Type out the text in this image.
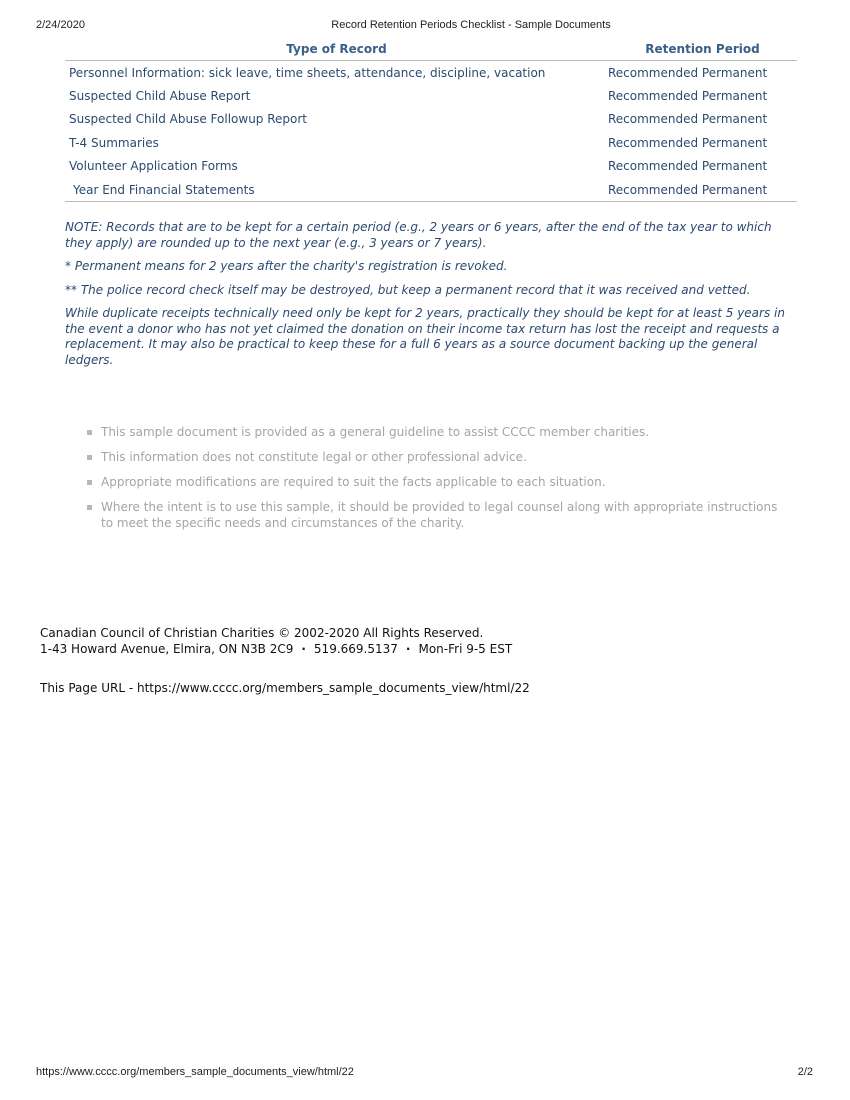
2/24/2020	Record Retention Periods Checklist - Sample Documents
Type of Record	Retention Period
Personnel Information: sick leave, time sheets, attendance, discipline, vacation	Recommended Permanent
Suspected Child Abuse Report	Recommended Permanent
Suspected Child Abuse Followup Report	Recommended Permanent
T-4 Summaries	Recommended Permanent
Volunteer Application Forms	Recommended Permanent
Year End Financial Statements	Recommended Permanent

NOTE: Records that are to be kept for a certain period (e.g., 2 years or 6 years, after the end of the tax year to which they apply) are rounded up to the next year (e.g., 3 years or 7 years).

* Permanent means for 2 years after the charity's registration is revoked.

** The police record check itself may be destroyed, but keep a permanent record that it was received and vetted.

While duplicate receipts technically need only be kept for 2 years, practically they should be kept for at least 5 years in the event a donor who has not yet claimed the donation on their income tax return has lost the receipt and requests a replacement. It may also be practical to keep these for a full 6 years as a source document backing up the general ledgers.

This sample document is provided as a general guideline to assist CCCC member charities.
This information does not constitute legal or other professional advice.
Appropriate modifications are required to suit the facts applicable to each situation.
Where the intent is to use this sample, it should be provided to legal counsel along with appropriate instructions to meet the specific needs and circumstances of the charity.
Canadian Council of Christian Charities © 2002-2020 All Rights Reserved.
1-43 Howard Avenue, Elmira, ON N3B 2C9 · 519.669.5137 · Mon-Fri 9-5 EST
This Page URL - https://www.cccc.org/members_sample_documents_view/html/22
https://www.cccc.org/members_sample_documents_view/html/22	2/2
